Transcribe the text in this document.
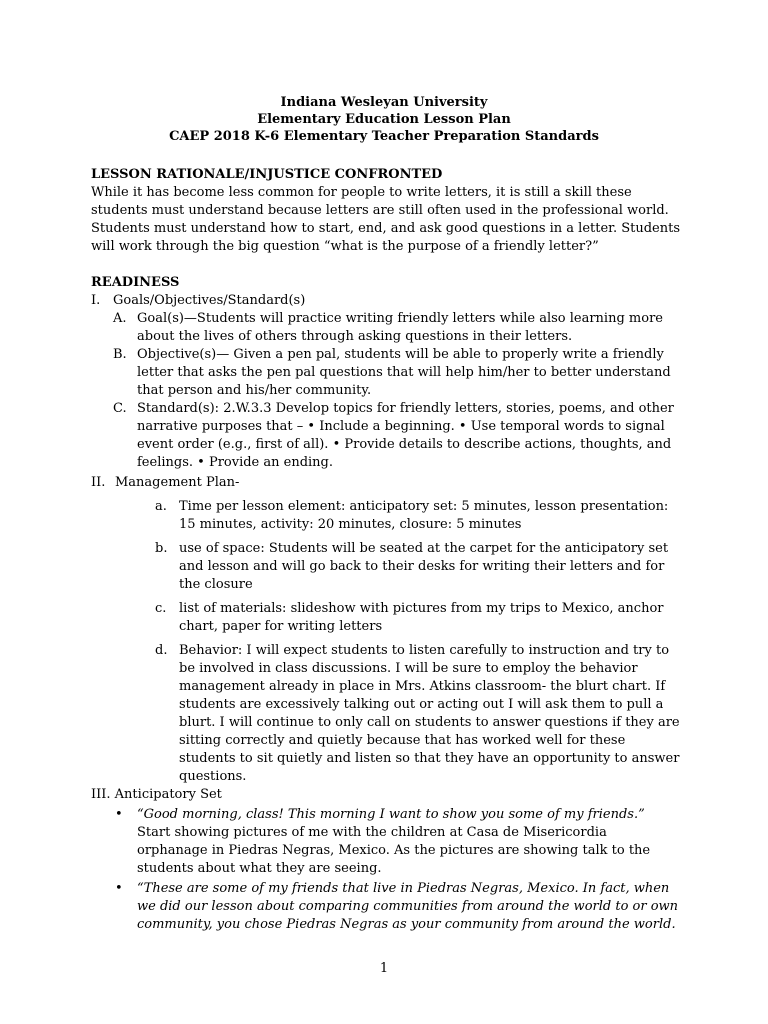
Indiana Wesleyan University
Elementary Education Lesson Plan
CAEP 2018 K-6 Elementary Teacher Preparation Standards
LESSON RATIONALE/INJUSTICE CONFRONTED

While it has become less common for people to write letters, it is still a skill these students must understand because letters are still often used in the professional world. Students must understand how to start, end, and ask good questions in a letter. Students will work through the big question “what is the purpose of a friendly letter?”

READINESS
I. Goals/Objectives/Standard(s)
A. Goal(s)—Students will practice writing friendly letters while also learning more about the lives of others through asking questions in their letters.
B. Objective(s)— Given a pen pal, students will be able to properly write a friendly letter that asks the pen pal questions that will help him/her to better understand that person and his/her community.
C. Standard(s): 2.W.3.3 Develop topics for friendly letters, stories, poems, and other narrative purposes that – • Include a beginning. • Use temporal words to signal event order (e.g., first of all). • Provide details to describe actions, thoughts, and feelings. • Provide an ending.
II. Management Plan-
a. Time per lesson element: anticipatory set: 5 minutes, lesson presentation: 15 minutes, activity: 20 minutes, closure: 5 minutes
b. use of space: Students will be seated at the carpet for the anticipatory set and lesson and will go back to their desks for writing their letters and for the closure
c. list of materials: slideshow with pictures from my trips to Mexico, anchor chart, paper for writing letters
d. Behavior: I will expect students to listen carefully to instruction and try to be involved in class discussions. I will be sure to employ the behavior management already in place in Mrs. Atkins classroom- the blurt chart. If students are excessively talking out or acting out I will ask them to pull a blurt. I will continue to only call on students to answer questions if they are sitting correctly and quietly because that has worked well for these students to sit quietly and listen so that they have an opportunity to answer questions.
III. Anticipatory Set
•	“Good morning, class! This morning I want to show you some of my friends.” Start showing pictures of me with the children at Casa de Misericordia orphanage in Piedras Negras, Mexico. As the pictures are showing talk to the students about what they are seeing.
•	“These are some of my friends that live in Piedras Negras, Mexico. In fact, when we did our lesson about comparing communities from around the world to or own community, you chose Piedras Negras as your community from around the world.
1
